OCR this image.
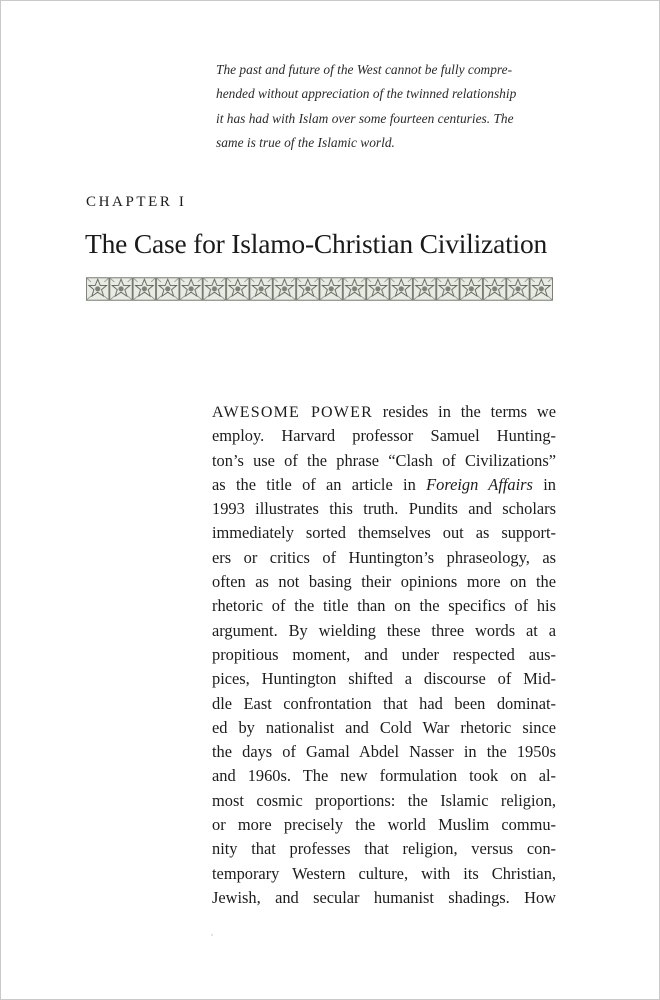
The past and future of the West cannot be fully compre-
hended without appreciation of the twinned relationship
it has had with Islam over some fourteen centuries. The
same is true of the Islamic world.
CHAPTER I
The Case for Islamo-Christian Civilization
AWESOME POWER resides in the terms we
employ. Harvard professor Samuel Hunting-
ton’s use of the phrase “Clash of Civilizations”
as the title of an article in Foreign Affairs in
1993 illustrates this truth. Pundits and scholars
immediately sorted themselves out as support-
ers or critics of Huntington’s phraseology, as
often as not basing their opinions more on the
rhetoric of the title than on the specifics of his
argument. By wielding these three words at a
propitious moment, and under respected aus-
pices, Huntington shifted a discourse of Mid-
dle East confrontation that had been dominat-
ed by nationalist and Cold War rhetoric since
the days of Gamal Abdel Nasser in the 1950s
and 1960s. The new formulation took on al-
most cosmic proportions: the Islamic religion,
or more precisely the world Muslim commu-
nity that professes that religion, versus con-
temporary Western culture, with its Christian,
Jewish, and secular humanist shadings. How
